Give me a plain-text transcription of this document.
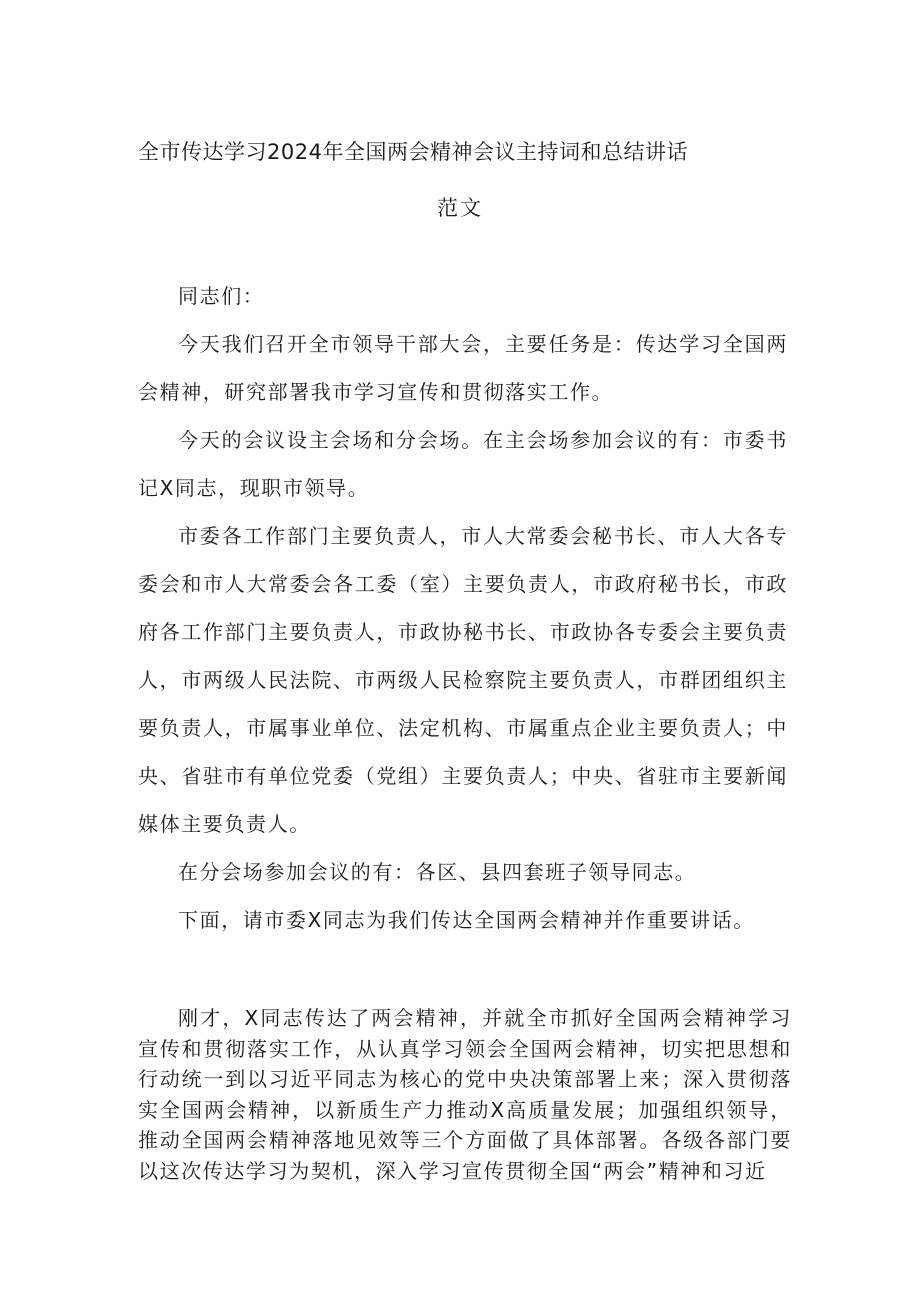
全市传达学习2024年全国两会精神会议主持词和总结讲话
范文

同志们：

今天我们召开全市领导干部大会，主要任务是：传达学习全国两会精神，研究部署我市学习宣传和贯彻落实工作。

今天的会议设主会场和分会场。在主会场参加会议的有：市委书记X同志，现职市领导。

市委各工作部门主要负责人，市人大常委会秘书长、市人大各专委会和市人大常委会各工委（室）主要负责人，市政府秘书长，市政府各工作部门主要负责人，市政协秘书长、市政协各专委会主要负责人，市两级人民法院、市两级人民检察院主要负责人，市群团组织主要负责人，市属事业单位、法定机构、市属重点企业主要负责人；中央、省驻市有单位党委（党组）主要负责人；中央、省驻市主要新闻媒体主要负责人。

在分会场参加会议的有：各区、县四套班子领导同志。

下面，请市委X同志为我们传达全国两会精神并作重要讲话。

刚才，X同志传达了两会精神，并就全市抓好全国两会精神学习宣传和贯彻落实工作，从认真学习领会全国两会精神，切实把思想和行动统一到以习近平同志为核心的党中央决策部署上来；深入贯彻落实全国两会精神，以新质生产力推动X高质量发展；加强组织领导，推动全国两会精神落地见效等三个方面做了具体部署。各级各部门要以这次传达学习为契机，深入学习宣传贯彻全国“两会”精神和习近
